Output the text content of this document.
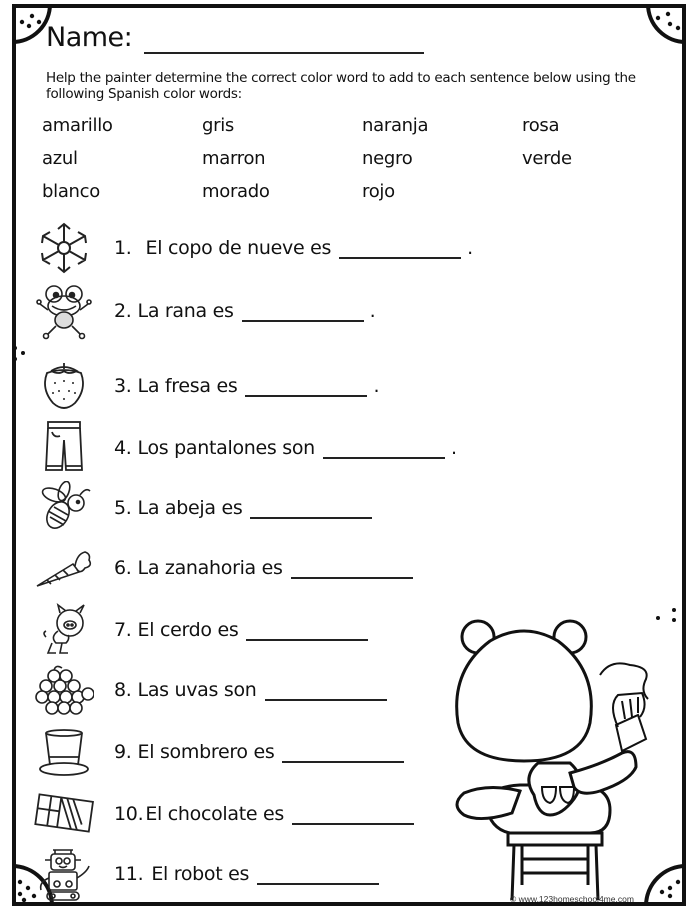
Name:
Help the painter determine the correct color word to add to each sentence below using the following Spanish color words:
amarillo	gris	naranja	rosa
azul	marron	negro	verde
blanco	morado	rojo
1. El copo de nueve es	.
2. La rana es	.
3. La fresa es	.
4. Los pantalones son	.
5. La abeja es
6. La zanahoria es
7. El cerdo es
8. Las uvas son
9. El sombrero es
10. El chocolate es
11. El robot es
© www.123homeschool4me.com
